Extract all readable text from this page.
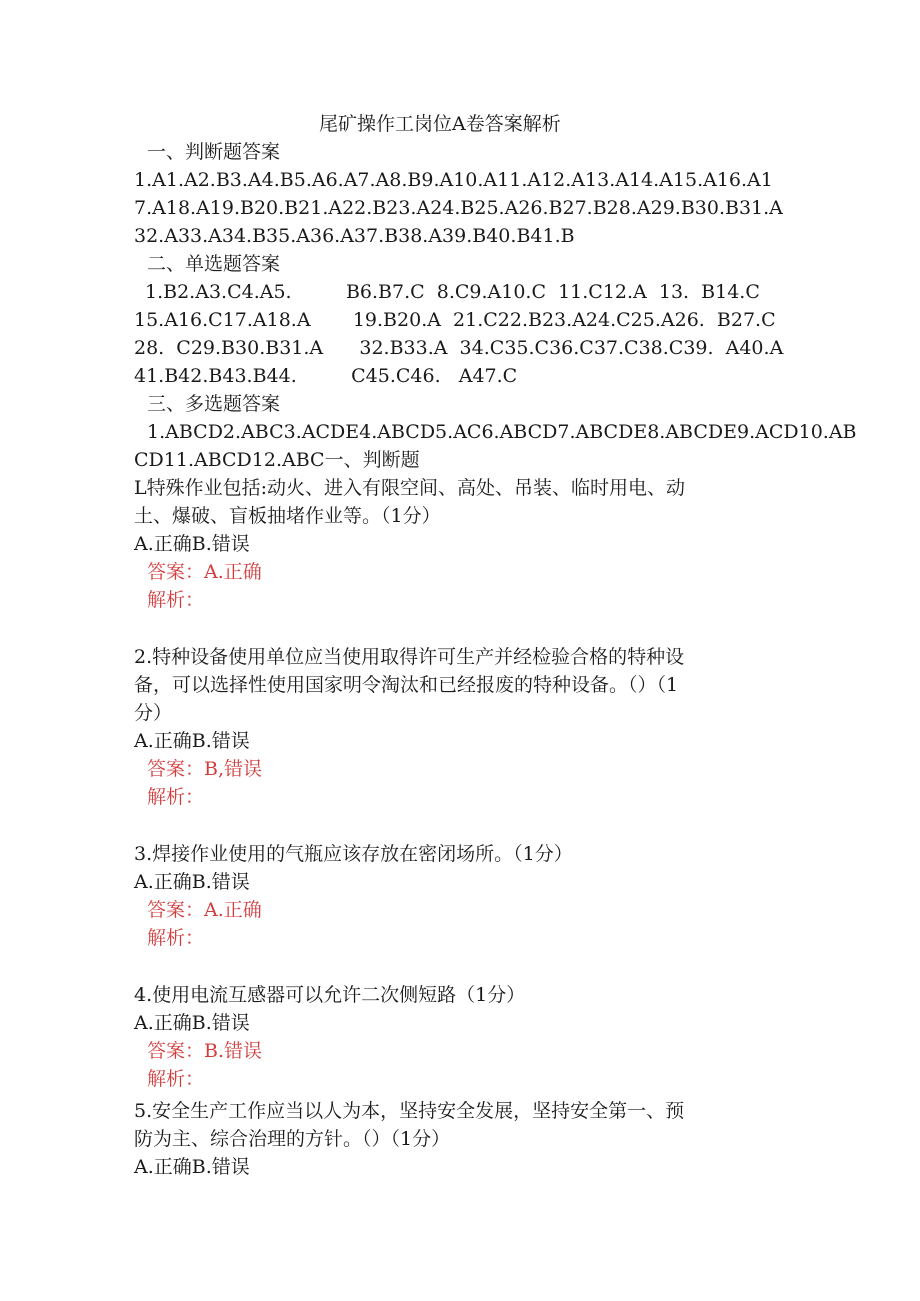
尾矿操作工岗位A卷答案解析
一、判断题答案
1.A1.A2.B3.A4.B5.A6.A7.A8.B9.A10.A11.A12.A13.A14.A15.A16.A1
7.A18.A19.B20.B21.A22.B23.A24.B25.A26.B27.B28.A29.B30.B31.A
32.A33.A34.B35.A36.A37.B38.A39.B40.B41.B
二、单选题答案
1.B2.A3.C4.A5.         B6.B7.C  8.C9.A10.C  11.C12.A  13.  B14.C
15.A16.C17.A18.A       19.B20.A  21.C22.B23.A24.C25.A26.  B27.C
28.  C29.B30.B31.A      32.B33.A  34.C35.C36.C37.C38.C39.  A40.A
41.B42.B43.B44.         C45.C46.   A47.C
三、多选题答案
1.ABCD2.ABC3.ACDE4.ABCD5.AC6.ABCD7.ABCDE8.ABCDE9.ACD10.AB
CD11.ABCD12.ABC一、判断题
L特殊作业包括:动火、进入有限空间、高处、吊装、临时用电、动
土、爆破、盲板抽堵作业等。（1分）
A.正确B.错误
答案：A.正确
解析：
2.特种设备使用单位应当使用取得许可生产并经检验合格的特种设
备，可以选择性使用国家明令淘汰和已经报废的特种设备。（）（1
分）
A.正确B.错误
答案：B,错误
解析：
3.焊接作业使用的气瓶应该存放在密闭场所。（1分）
A.正确B.错误
答案：A.正确
解析：
4.使用电流互感器可以允许二次侧短路（1分）
A.正确B.错误
答案：B.错误
解析：
5.安全生产工作应当以人为本，坚持安全发展，坚持安全第一、预
防为主、综合治理的方针。（）（1分）
A.正确B.错误
